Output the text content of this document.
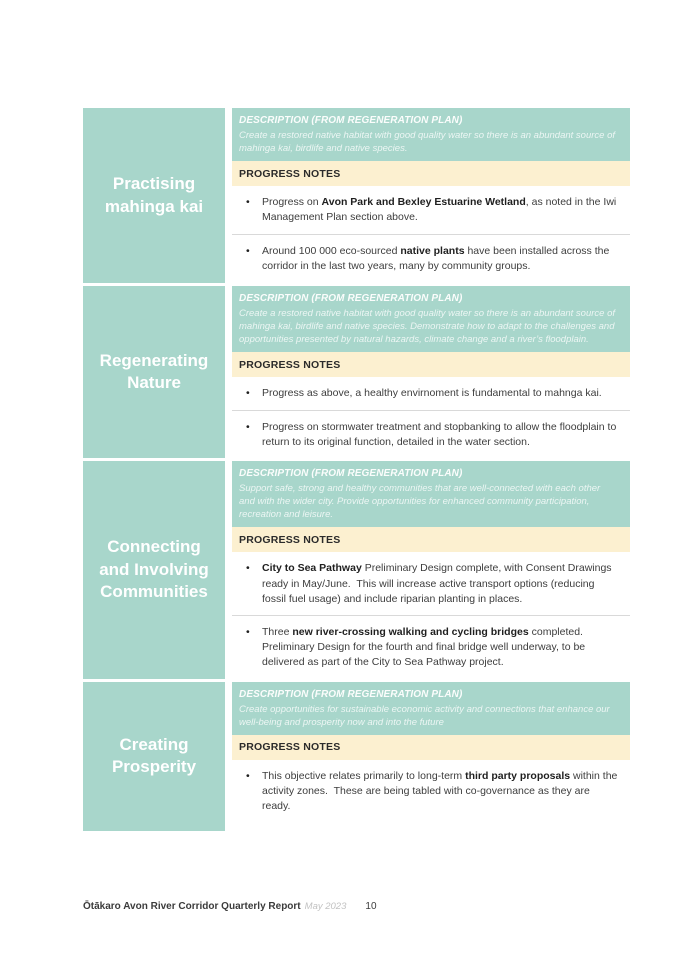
Practising mahinga kai
DESCRIPTION (FROM REGENERATION PLAN)
Create a restored native habitat with good quality water so there is an abundant source of mahinga kai, birdlife and native species.
PROGRESS NOTES
•	Progress on Avon Park and Bexley Estuarine Wetland, as noted in the Iwi Management Plan section above.
•	Around 100 000 eco-sourced native plants have been installed across the corridor in the last two years, many by community groups.
Regenerating Nature
DESCRIPTION (FROM REGENERATION PLAN)
Create a restored native habitat with good quality water so there is an abundant source of mahinga kai, birdlife and native species. Demonstrate how to adapt to the challenges and opportunities presented by natural hazards, climate change and a river’s floodplain.
PROGRESS NOTES
•	Progress as above, a healthy envirnoment is fundamental to mahnga kai.
•	Progress on stormwater treatment and stopbanking to allow the floodplain to return to its original function, detailed in the water section.
Connecting and Involving Communities
DESCRIPTION (FROM REGENERATION PLAN)
Support safe, strong and healthy communities that are well-connected with each other and with the wider city. Provide opportunities for enhanced community participation, recreation and leisure.
PROGRESS NOTES
•	City to Sea Pathway Preliminary Design complete, with Consent Drawings ready in May/June.  This will increase active transport options (reducing fossil fuel usage) and include riparian planting in places.
•	Three new river-crossing walking and cycling bridges completed. Preliminary Design for the fourth and final bridge well underway, to be delivered as part of the City to Sea Pathway project.
Creating Prosperity
DESCRIPTION (FROM REGENERATION PLAN)
Create opportunities for sustainable economic activity and connections that enhance our well-being and prosperity now and into the future
PROGRESS NOTES
•	This objective relates primarily to long-term third party proposals within the activity zones.  These are being tabled with co-governance as they are ready.
Ōtākaro Avon River Corridor Quarterly Report May 2023 10
